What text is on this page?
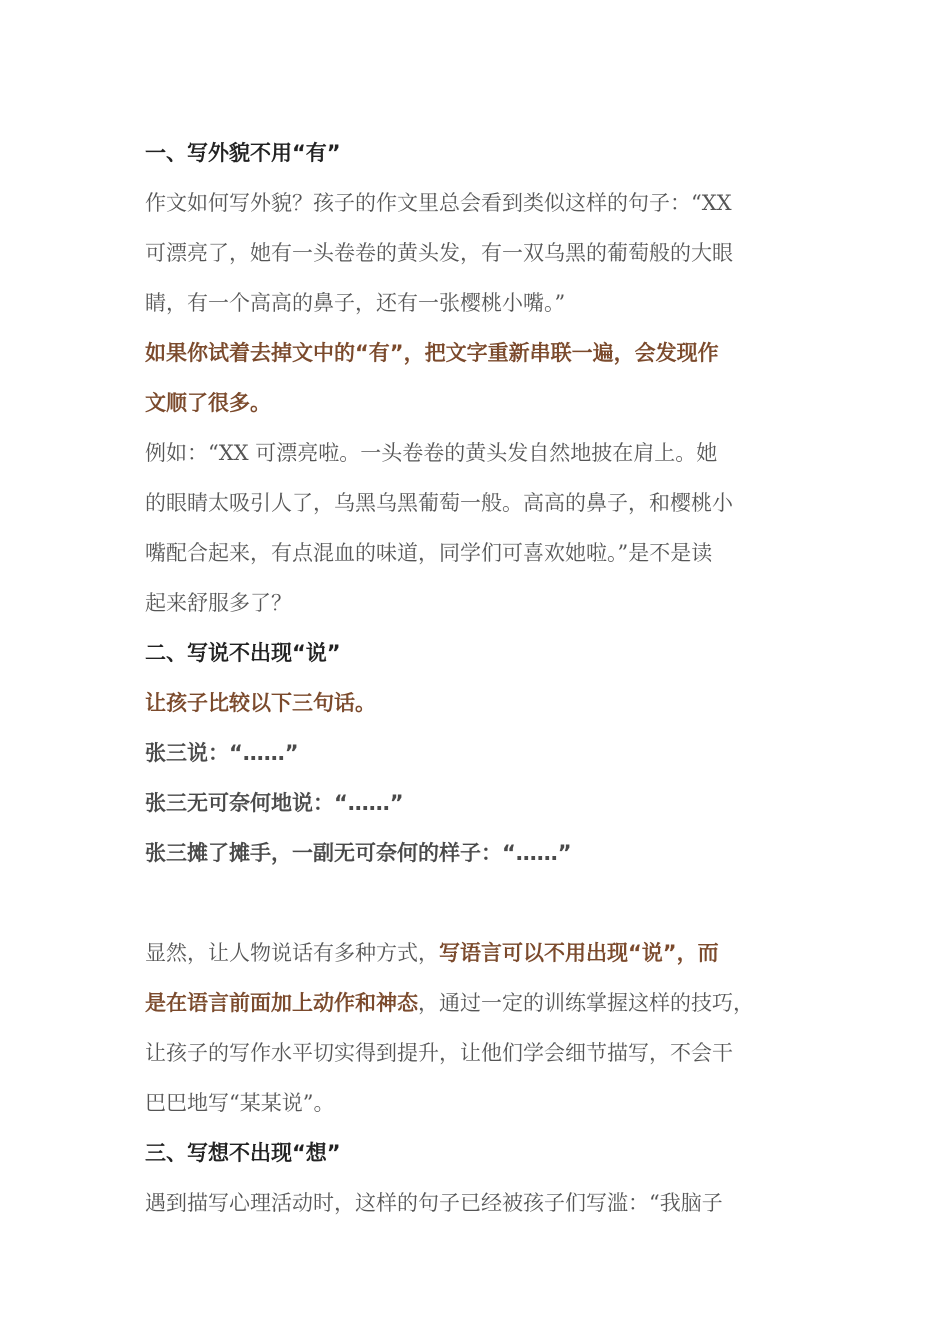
一、写外貌不用“有”
作文如何写外貌？孩子的作文里总会看到类似这样的句子：“XX
可漂亮了，她有一头卷卷的黄头发，有一双乌黑的葡萄般的大眼
睛，有一个高高的鼻子，还有一张樱桃小嘴。”
如果你试着去掉文中的“有”，把文字重新串联一遍，会发现作
文顺了很多。
例如：“XX 可漂亮啦。一头卷卷的黄头发自然地披在肩上。她
的眼睛太吸引人了，乌黑乌黑葡萄一般。高高的鼻子，和樱桃小
嘴配合起来，有点混血的味道，同学们可喜欢她啦。”是不是读
起来舒服多了？
二、写说不出现“说”
让孩子比较以下三句话。
张三说：“……”
张三无可奈何地说：“……”
张三摊了摊手，一副无可奈何的样子：“……”
显然，让人物说话有多种方式，写语言可以不用出现“说”，而
是在语言前面加上动作和神态，通过一定的训练掌握这样的技巧，
让孩子的写作水平切实得到提升，让他们学会细节描写，不会干
巴巴地写“某某说”。
三、写想不出现“想”
遇到描写心理活动时，这样的句子已经被孩子们写滥：“我脑子
